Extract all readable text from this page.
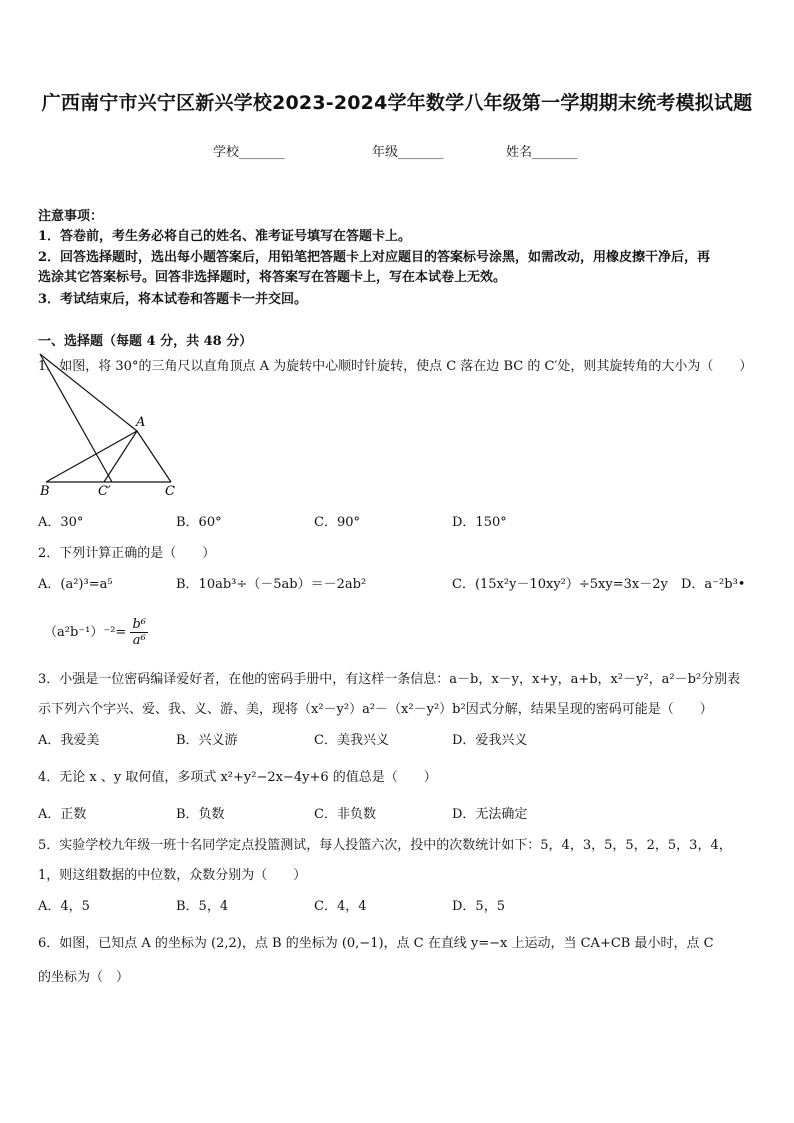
广西南宁市兴宁区新兴学校2023-2024学年数学八年级第一学期期末统考模拟试题
学校_______	年级_______	姓名_______
注意事项：
1．答卷前，考生务必将自己的姓名、准考证号填写在答题卡上。
2．回答选择题时，选出每小题答案后，用铅笔把答题卡上对应题目的答案标号涂黑，如需改动，用橡皮擦干净后，再
选涂其它答案标号。回答非选择题时，将答案写在答题卡上，写在本试卷上无效。
3．考试结束后，将本试卷和答题卡一并交回。
一、选择题（每题 4 分，共 48 分）
1．如图，将 30°的三角尺以直角顶点 A 为旋转中心顺时针旋转，使点 C 落在边 BC 的 C′处，则其旋转角的大小为（　　）
A
B	C′	C
A．30°	B．60°	C．90°	D．150°
2．下列计算正确的是（　　）
A．(a²)³=a⁵	B．10ab³÷（－5ab）＝－2ab²	C．(15x²y－10xy²）÷5xy=3x－2y D．a⁻²b³•
$(a^2b^{-1})^{-2}= \frac{\text{b⁶}}{\text{a⁶}}$
3．小强是一位密码编译爱好者，在他的密码手册中，有这样一条信息：a－b，x－y，x+y，a+b，x²－y²，a²－b²分别表
示下列六个字兴、爱、我、义、游、美，现将（x²－y²）a²－（x²－y²）b²因式分解，结果呈现的密码可能是（　　）
A．我爱美	B．兴义游	C．美我兴义	D．爱我兴义
4．无论 x 、y 取何值，多项式 x²+y²−2x−4y+6 的值总是（　　）
A．正数	B．负数	C．非负数	D．无法确定
5．实验学校九年级一班十名同学定点投篮测试，每人投篮六次，投中的次数统计如下：5，4，3，5，5，2，5，3，4，
1，则这组数据的中位数，众数分别为（　　）
A．4，5	B．5，4	C．4，4	D．5，5
6．如图，已知点 A 的坐标为 (2,2)，点 B 的坐标为 (0,−1)，点 C 在直线 y=−x 上运动，当 CA+CB 最小时，点 C
的坐标为（　）
